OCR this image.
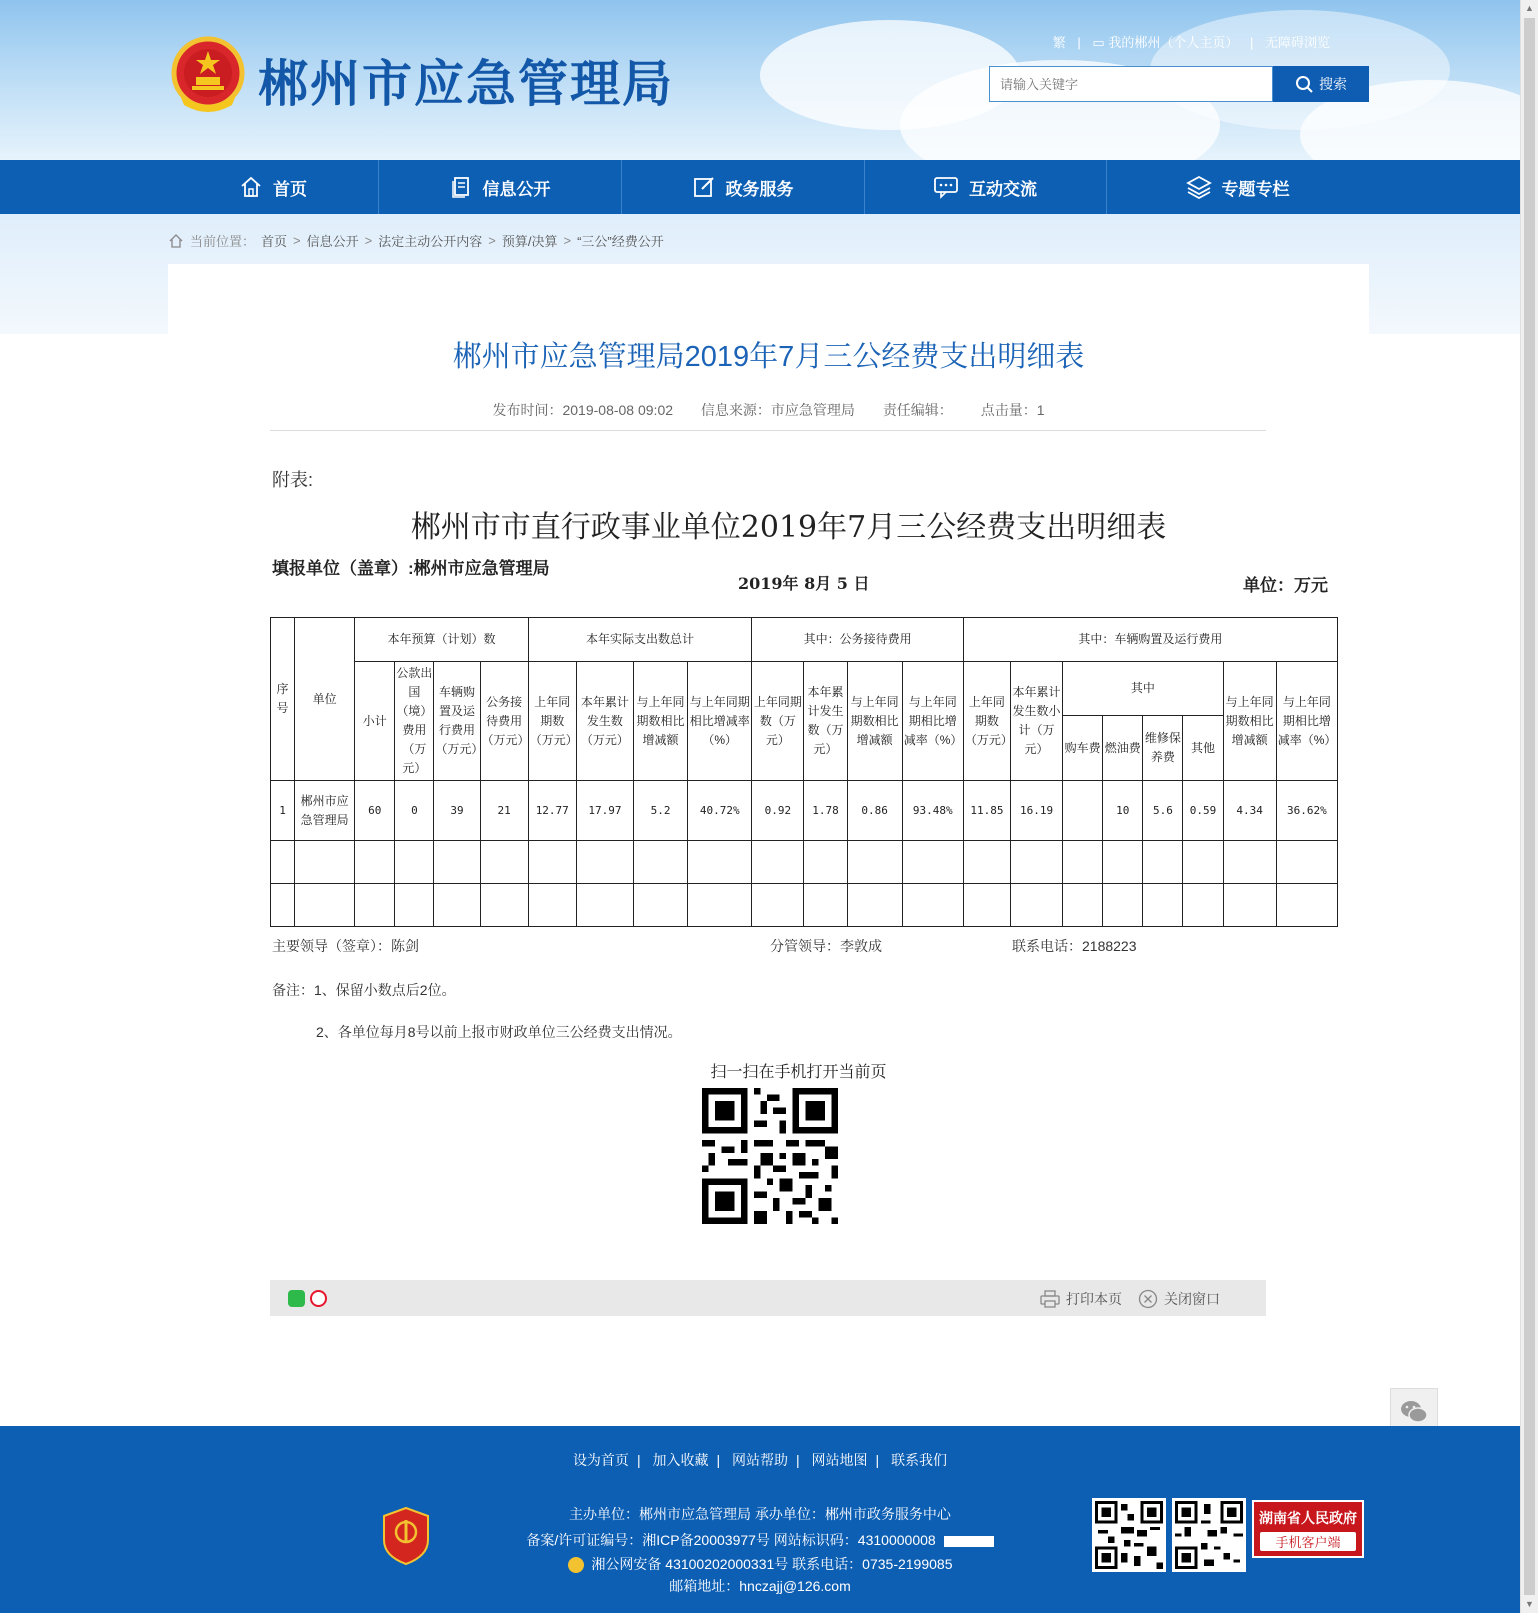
郴州市应急管理局
繁 | ▭ 我的郴州（个人主页） | 无障碍浏览
请输入关键字
搜索
首页	信息公开	政务服务	互动交流	专题专栏
当前位置： 首页 > 信息公开 > 法定主动公开内容 > 预算/决算 > “三公”经费公开
郴州市应急管理局2019年7月三公经费支出明细表
发布时间：2019-08-08 09:02 信息来源：市应急管理局 责任编辑： 点击量：1
附表:
郴州市市直行政事业单位2019年7月三公经费支出明细表
填报单位（盖章）:郴州市应急管理局
2019年 8月 5 日	单位：万元
序号	单位	本年预算（计划）数				本年实际支出数总计				其中：公务接待费用				其中：车辆购置及运行费用							
		小计	公款出国（境）费用（万元）	车辆购置及运行费用（万元）	公务接待费用（万元）	上年同期数（万元）	本年累计发生数（万元）	与上年同期数相比增减额	与上年同期相比增减率（%）	上年同期数（万元）	本年累计发生数（万元）	与上年同期数相比增减额	与上年同期相比增减率（%）	上年同期数（万元）	本年累计发生数小计（万元）	其中				与上年同期数相比增减额	与上年同期相比增减率（%）
																购车费	燃油费	维修保养费	其他		
1	郴州市应急管理局	60	0	39	21	12.77	17.97	5.2	40.72%	0.92	1.78	0.86	93.48%	11.85	16.19		10	5.6	0.59	4.34	36.62%

主要领导（签章）：陈剑	分管领导：李敦成	联系电话：2188223
备注：1、保留小数点后2位。
2、各单位每月8号以前上报市财政单位三公经费支出情况。
扫一扫在手机打开当前页
打印本页	关闭窗口
设为首页 | 加入收藏 | 网站帮助 | 网站地图 | 联系我们
主办单位：郴州市应急管理局 承办单位：郴州市政务服务中心
备案/许可证编号：湘ICP备20003977号 网站标识码：4310000008
湘公网安备 43100202000331号 联系电话：0735-2199085
邮箱地址：hnczajj@126.com
湖南省人民政府
手机客户端
▲
▼
